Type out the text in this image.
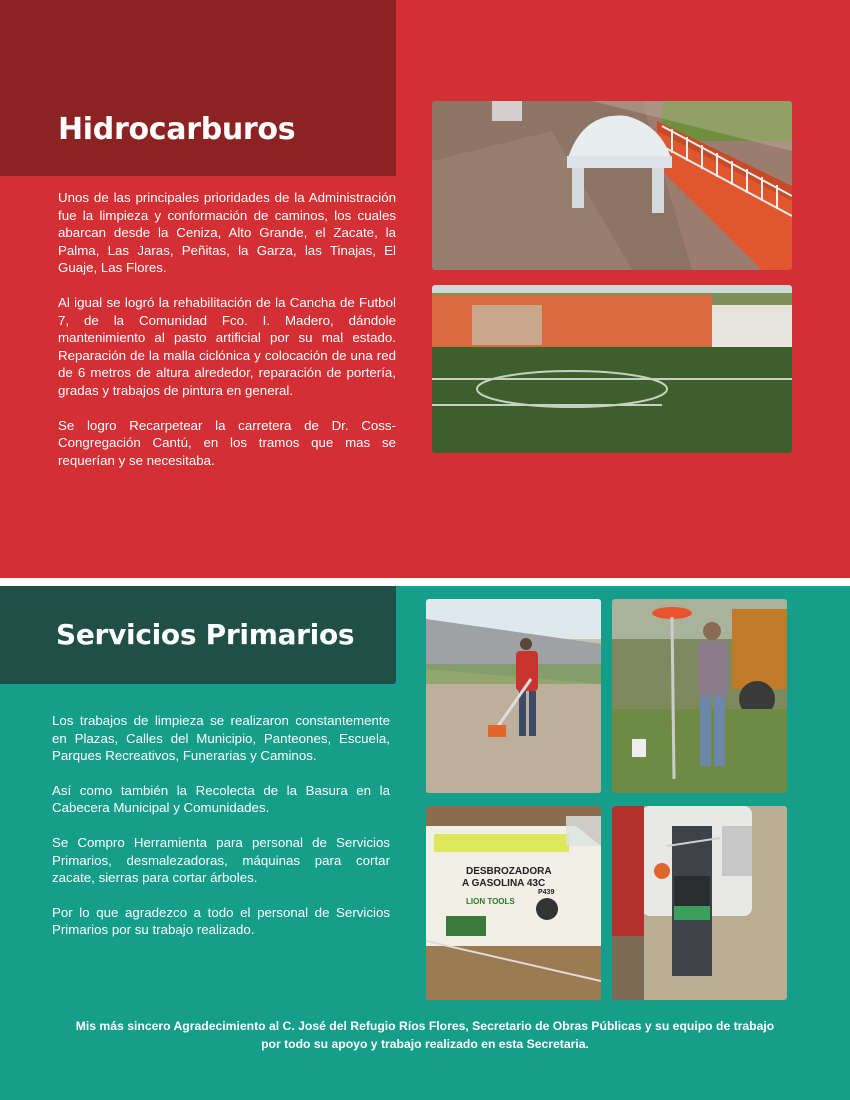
Hidrocarburos

Unos de las principales prioridades de la Administración fue la limpieza y conformación de caminos, los cuales abarcan desde la Ceniza, Alto Grande, el Zacate, la Palma, Las Jaras, Peñitas, la Garza, las Tinajas, El Guaje, Las Flores.

Al igual se logró la rehabilitación de la Cancha de Futbol 7, de la Comunidad Fco. I. Madero, dándole mantenimiento al pasto artificial por su mal estado. Reparación de la malla ciclónica y colocación de una red de 6 metros de altura alrededor, reparación de portería, gradas y trabajos de pintura en general.

Se logro Recarpetear la carretera de Dr. Coss-Congregación Cantú, en los tramos que mas se requerían y se necesitaba.

Servicios Primarios

Los trabajos de limpieza se realizaron constantemente en Plazas, Calles del Municipio, Panteones, Escuela, Parques Recreativos, Funerarias y Caminos.

Así como también la Recolecta de la Basura en la Cabecera Municipal y Comunidades.

Se Compro Herramienta para personal de Servicios Primarios, desmalezadoras, máquinas para cortar zacate, sierras para cortar árboles.

Por lo que agradezco a todo el personal de Servicios Primarios por su trabajo realizado.

DESBROZADORA
A GASOLINA 43C
LION TOOLS
P439
Mis más sincero Agradecimiento al C. José del Refugio Ríos Flores, Secretario de Obras Públicas y su equipo de trabajo
por todo su apoyo y trabajo realizado en esta Secretaria.
